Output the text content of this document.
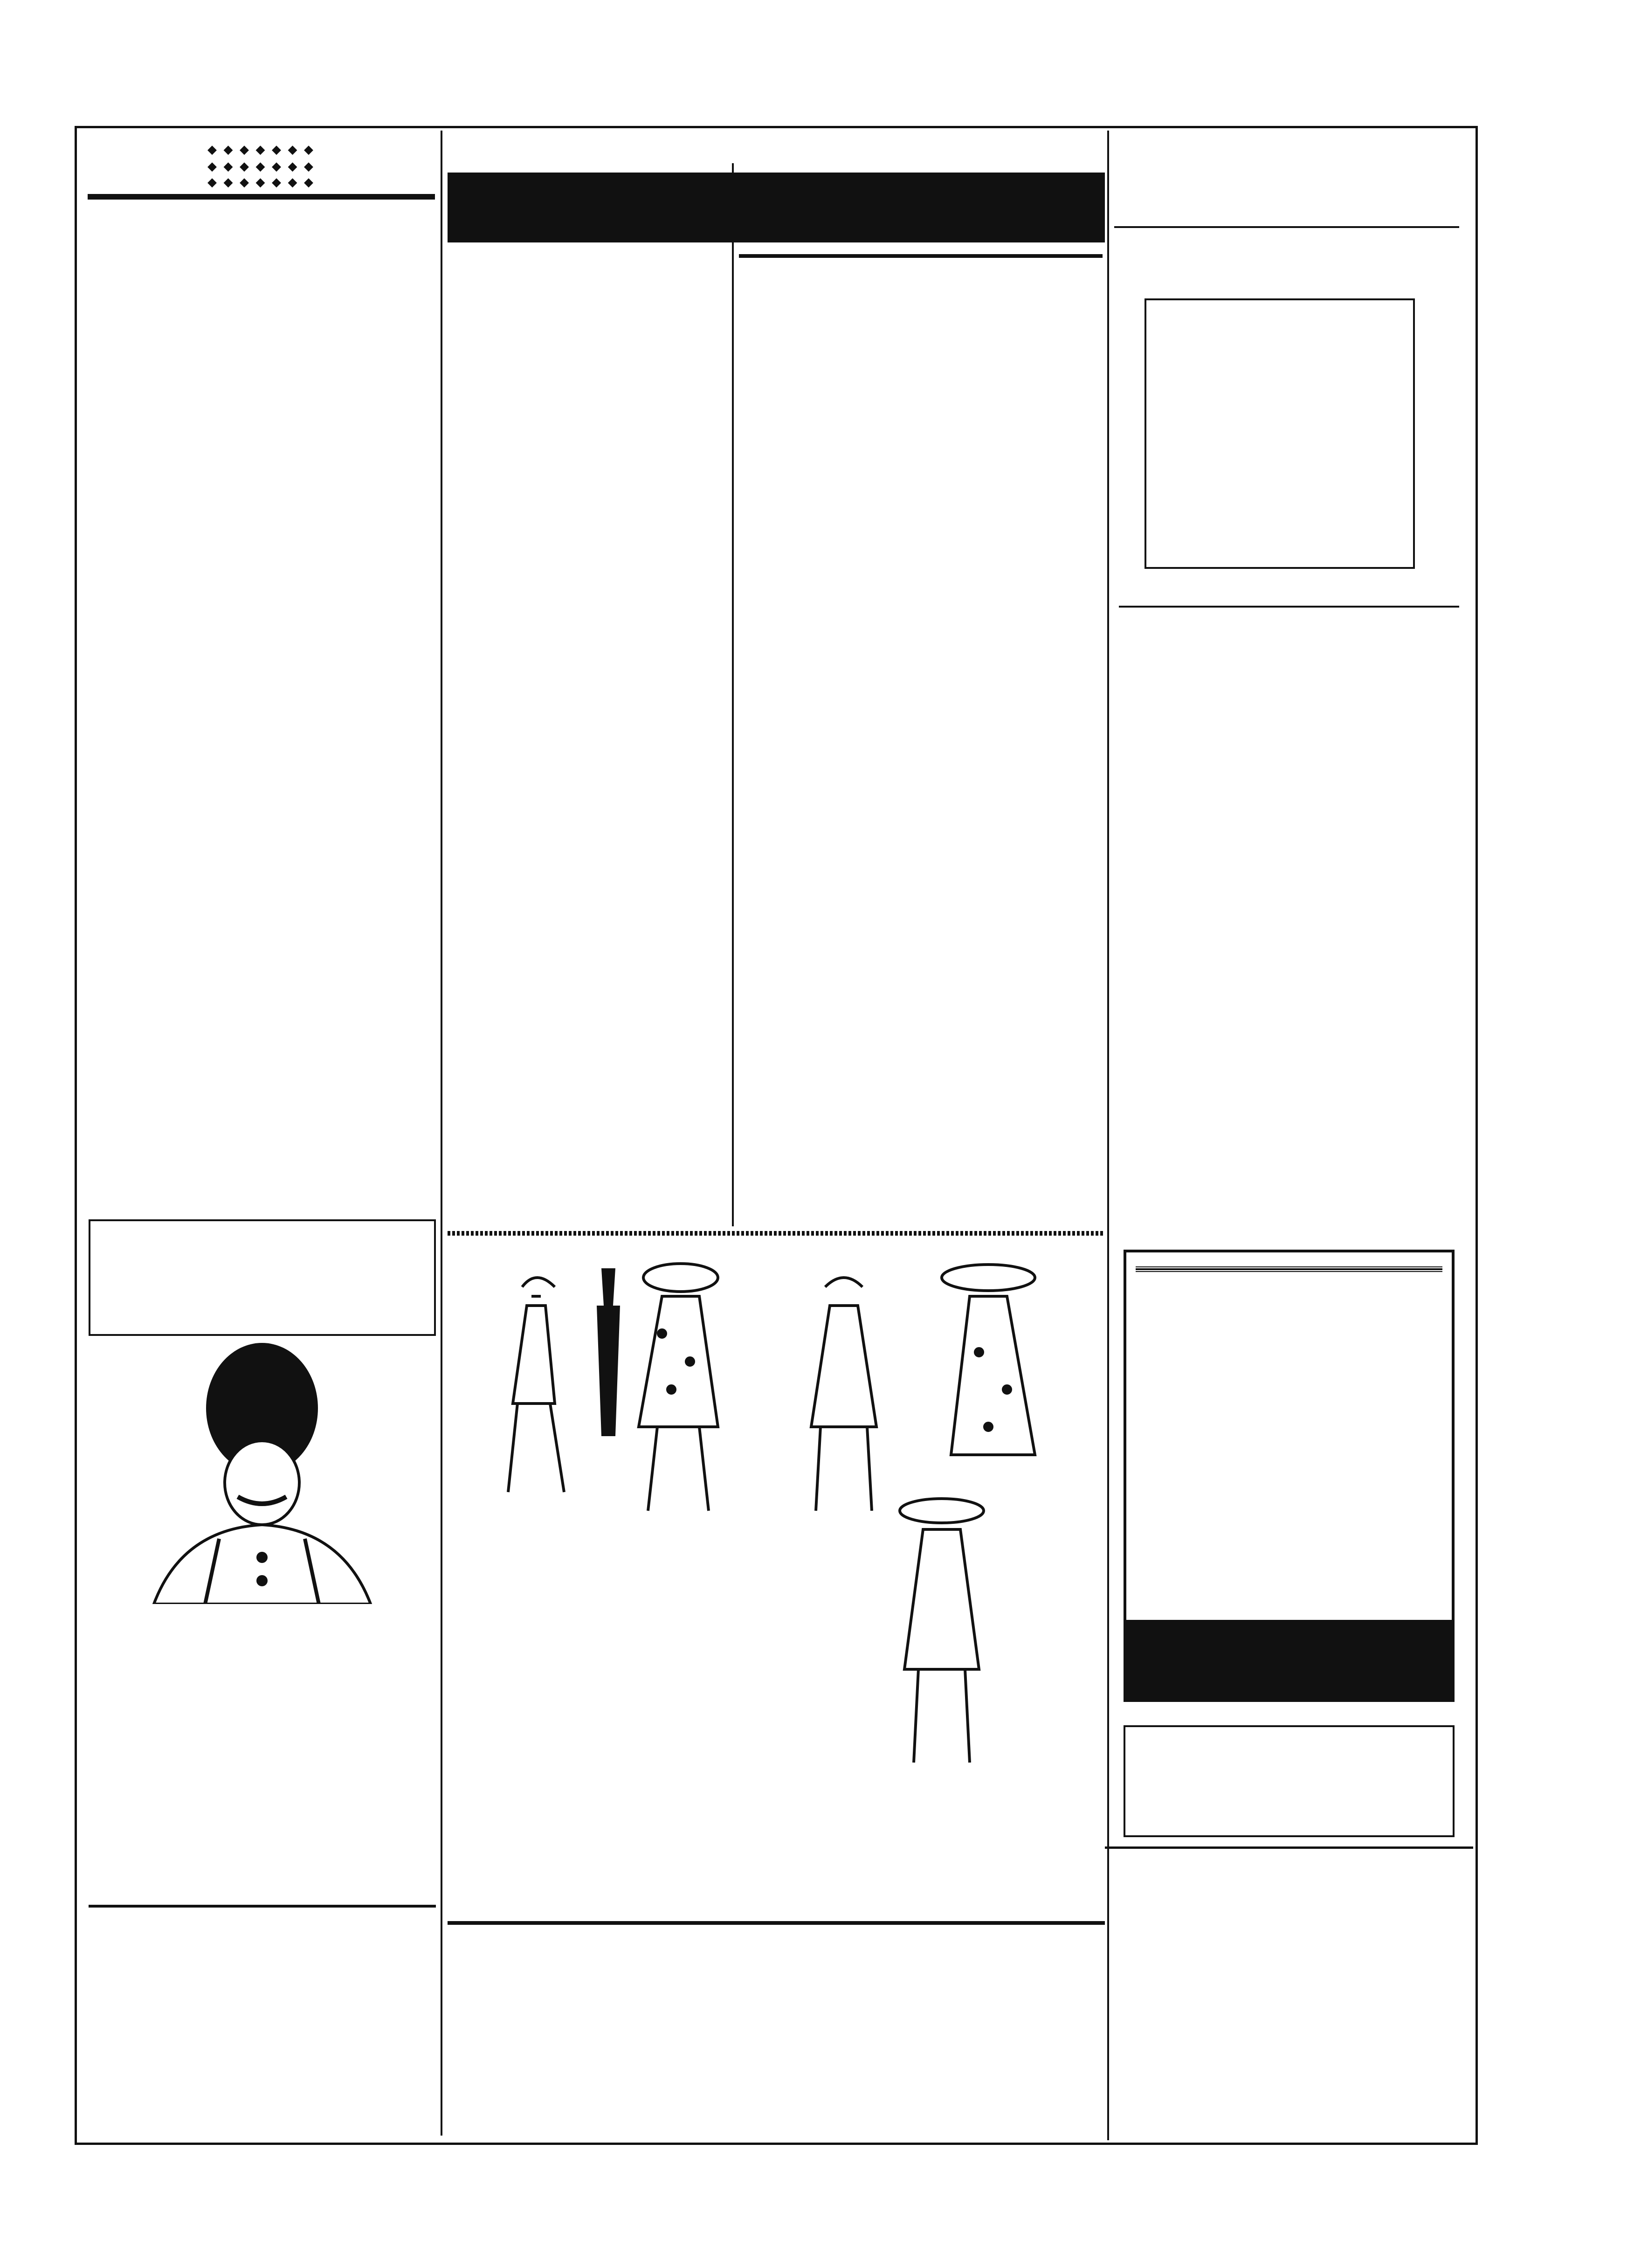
◆ ◆ ◆ ◆ ◆ ◆ ◆

◆ ◆ ◆ ◆ ◆ ◆ ◆

◆ ◆ ◆ ◆ ◆ ◆ ◆
